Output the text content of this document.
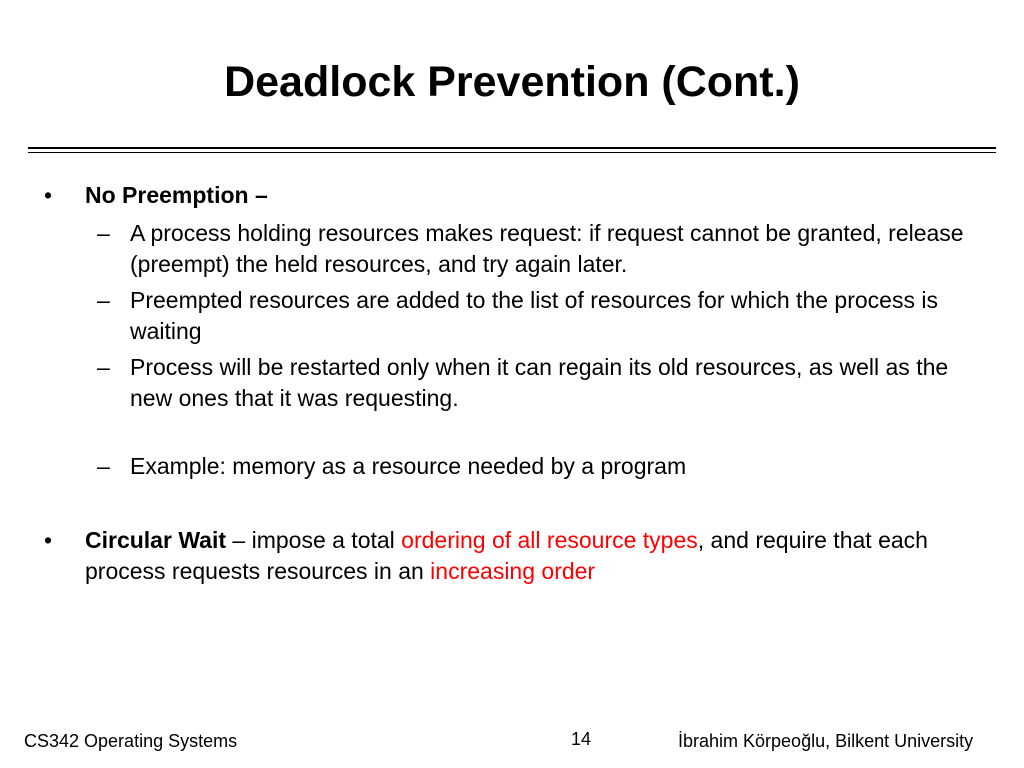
Deadlock Prevention (Cont.)
• No Preemption –
– A process holding resources makes request: if request cannot be granted, release (preempt) the held resources, and try again later.
– Preempted resources are added to the list of resources for which the process is waiting
– Process will be restarted only when it can regain its old resources, as well as the new ones that it was requesting.
– Example: memory as a resource needed by a program
• Circular Wait – impose a total ordering of all resource types, and require that each process requests resources in an increasing order
CS342 Operating Systems	14	İbrahim Körpeoğlu, Bilkent University
